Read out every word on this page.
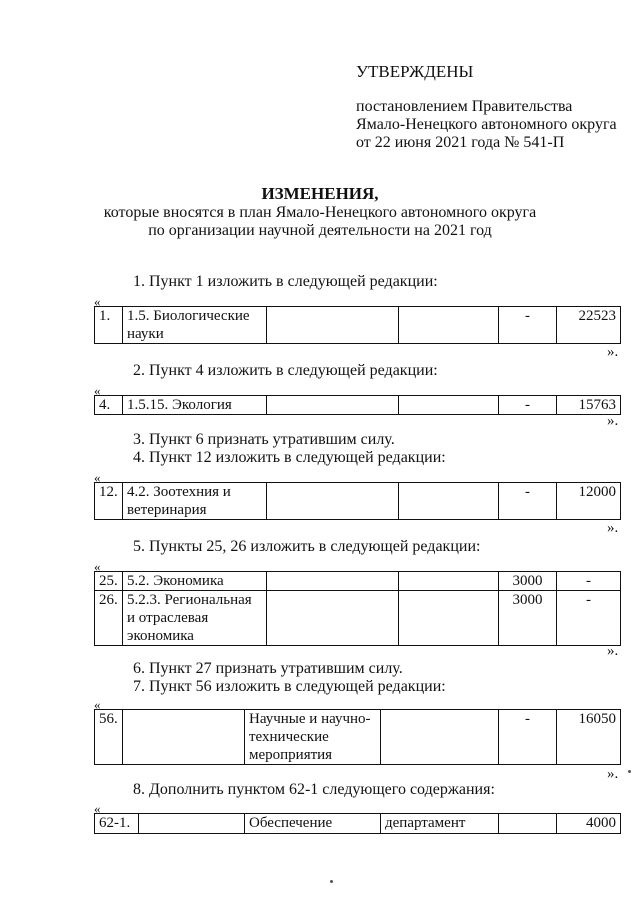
УТВЕРЖДЕНЫ
постановлением Правительства
Ямало-Ненецкого автономного округа
от 22 июня 2021 года № 541-П
ИЗМЕНЕНИЯ,
которые вносятся в план Ямало-Ненецкого автономного округа
по организации научной деятельности на 2021 год
1. Пункт 1 изложить в следующей редакции:
«
1.	1.5. Биологические науки			-	22523
».
2. Пункт 4 изложить в следующей редакции:
«
4.	1.5.15. Экология			-	15763
».
3. Пункт 6 признать утратившим силу.
4. Пункт 12 изложить в следующей редакции:
«
12.	4.2. Зоотехния и ветеринария			-	12000
».
5. Пункты 25, 26 изложить в следующей редакции:
«
25.	5.2. Экономика			3000	-
26.	5.2.3. Региональная и отраслевая экономика			3000	-
».
6. Пункт 27 признать утратившим силу.
7. Пункт 56 изложить в следующей редакции:
«
56.		Научные и научно-технические мероприятия		-	16050
».
8. Дополнить пунктом 62-1 следующего содержания:
«
62-1.		Обеспечение	департамент		4000
